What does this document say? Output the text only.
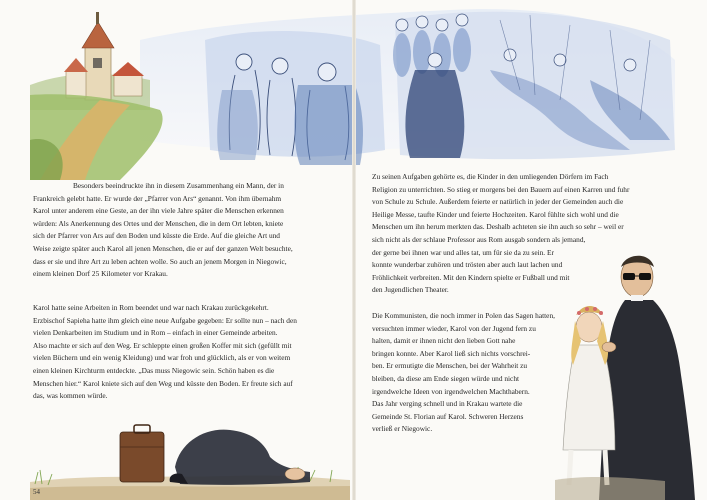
Besonders beeindruckte ihn in diesem Zusammenhang ein Mann, der in
Frankreich gelebt hatte. Er wurde der „Pfarrer von Ars“ genannt. Von ihm übernahm
Karol unter anderem eine Geste, an der ihn viele Jahre später die Menschen erkennen
würden: Als Anerkennung des Ortes und der Menschen, die in dem Ort lebten, kniete
sich der Pfarrer von Ars auf den Boden und küsste die Erde. Auf die gleiche Art und
Weise zeigte später auch Karol all jenen Menschen, die er auf der ganzen Welt besuchte,
dass er sie und ihre Art zu leben achten wolle. So auch an jenem Morgen in Niegowic,
einem kleinen Dorf 25 Kilometer vor Krakau.
Karol hatte seine Arbeiten in Rom beendet und war nach Krakau zurückgekehrt.
Erzbischof Sapieha hatte ihm gleich eine neue Aufgabe gegeben: Er sollte nun – nach den
vielen Denkarbeiten im Studium und in Rom – einfach in einer Gemeinde arbeiten.
Also machte er sich auf den Weg. Er schleppte einen großen Koffer mit sich (gefüllt mit
vielen Büchern und ein wenig Kleidung) und war froh und glücklich, als er von weitem
einen kleinen Kirchturm entdeckte. „Das muss Niegowic sein. Schön haben es die
Menschen hier.“ Karol kniete sich auf den Weg und küsste den Boden. Er freute sich auf
das, was kommen würde.
54
Zu seinen Aufgaben gehörte es, die Kinder in den umliegenden Dörfern im Fach
Religion zu unterrichten. So stieg er morgens bei den Bauern auf einen Karren und fuhr
von Schule zu Schule. Außerdem feierte er natürlich in jeder der Gemeinden auch die
Heilige Messe, taufte Kinder und feierte Hochzeiten. Karol fühlte sich wohl und die
Menschen um ihn herum merkten das. Deshalb achteten sie ihn auch so sehr – weil er
sich nicht als der schlaue Professor aus Rom ausgab sondern als jemand,
der gerne bei ihnen war und alles tat, um für sie da zu sein. Er
konnte wunderbar zuhören und trösten aber auch laut lachen und
Fröhlichkeit verbreiten. Mit den Kindern spielte er Fußball und mit
den Jugendlichen Theater.
Die Kommunisten, die noch immer in Polen das Sagen hatten,
versuchten immer wieder, Karol von der Jugend fern zu
halten, damit er ihnen nicht den lieben Gott nahe
bringen konnte. Aber Karol ließ sich nichts vorschrei-
ben. Er ermutigte die Menschen, bei der Wahrheit zu
bleiben, da diese am Ende siegen würde und nicht
irgendwelche Ideen von irgendwelchen Machthabern.
Das Jahr verging schnell und in Krakau wartete die
Gemeinde St. Florian auf Karol. Schweren Herzens
verließ er Niegowic.
